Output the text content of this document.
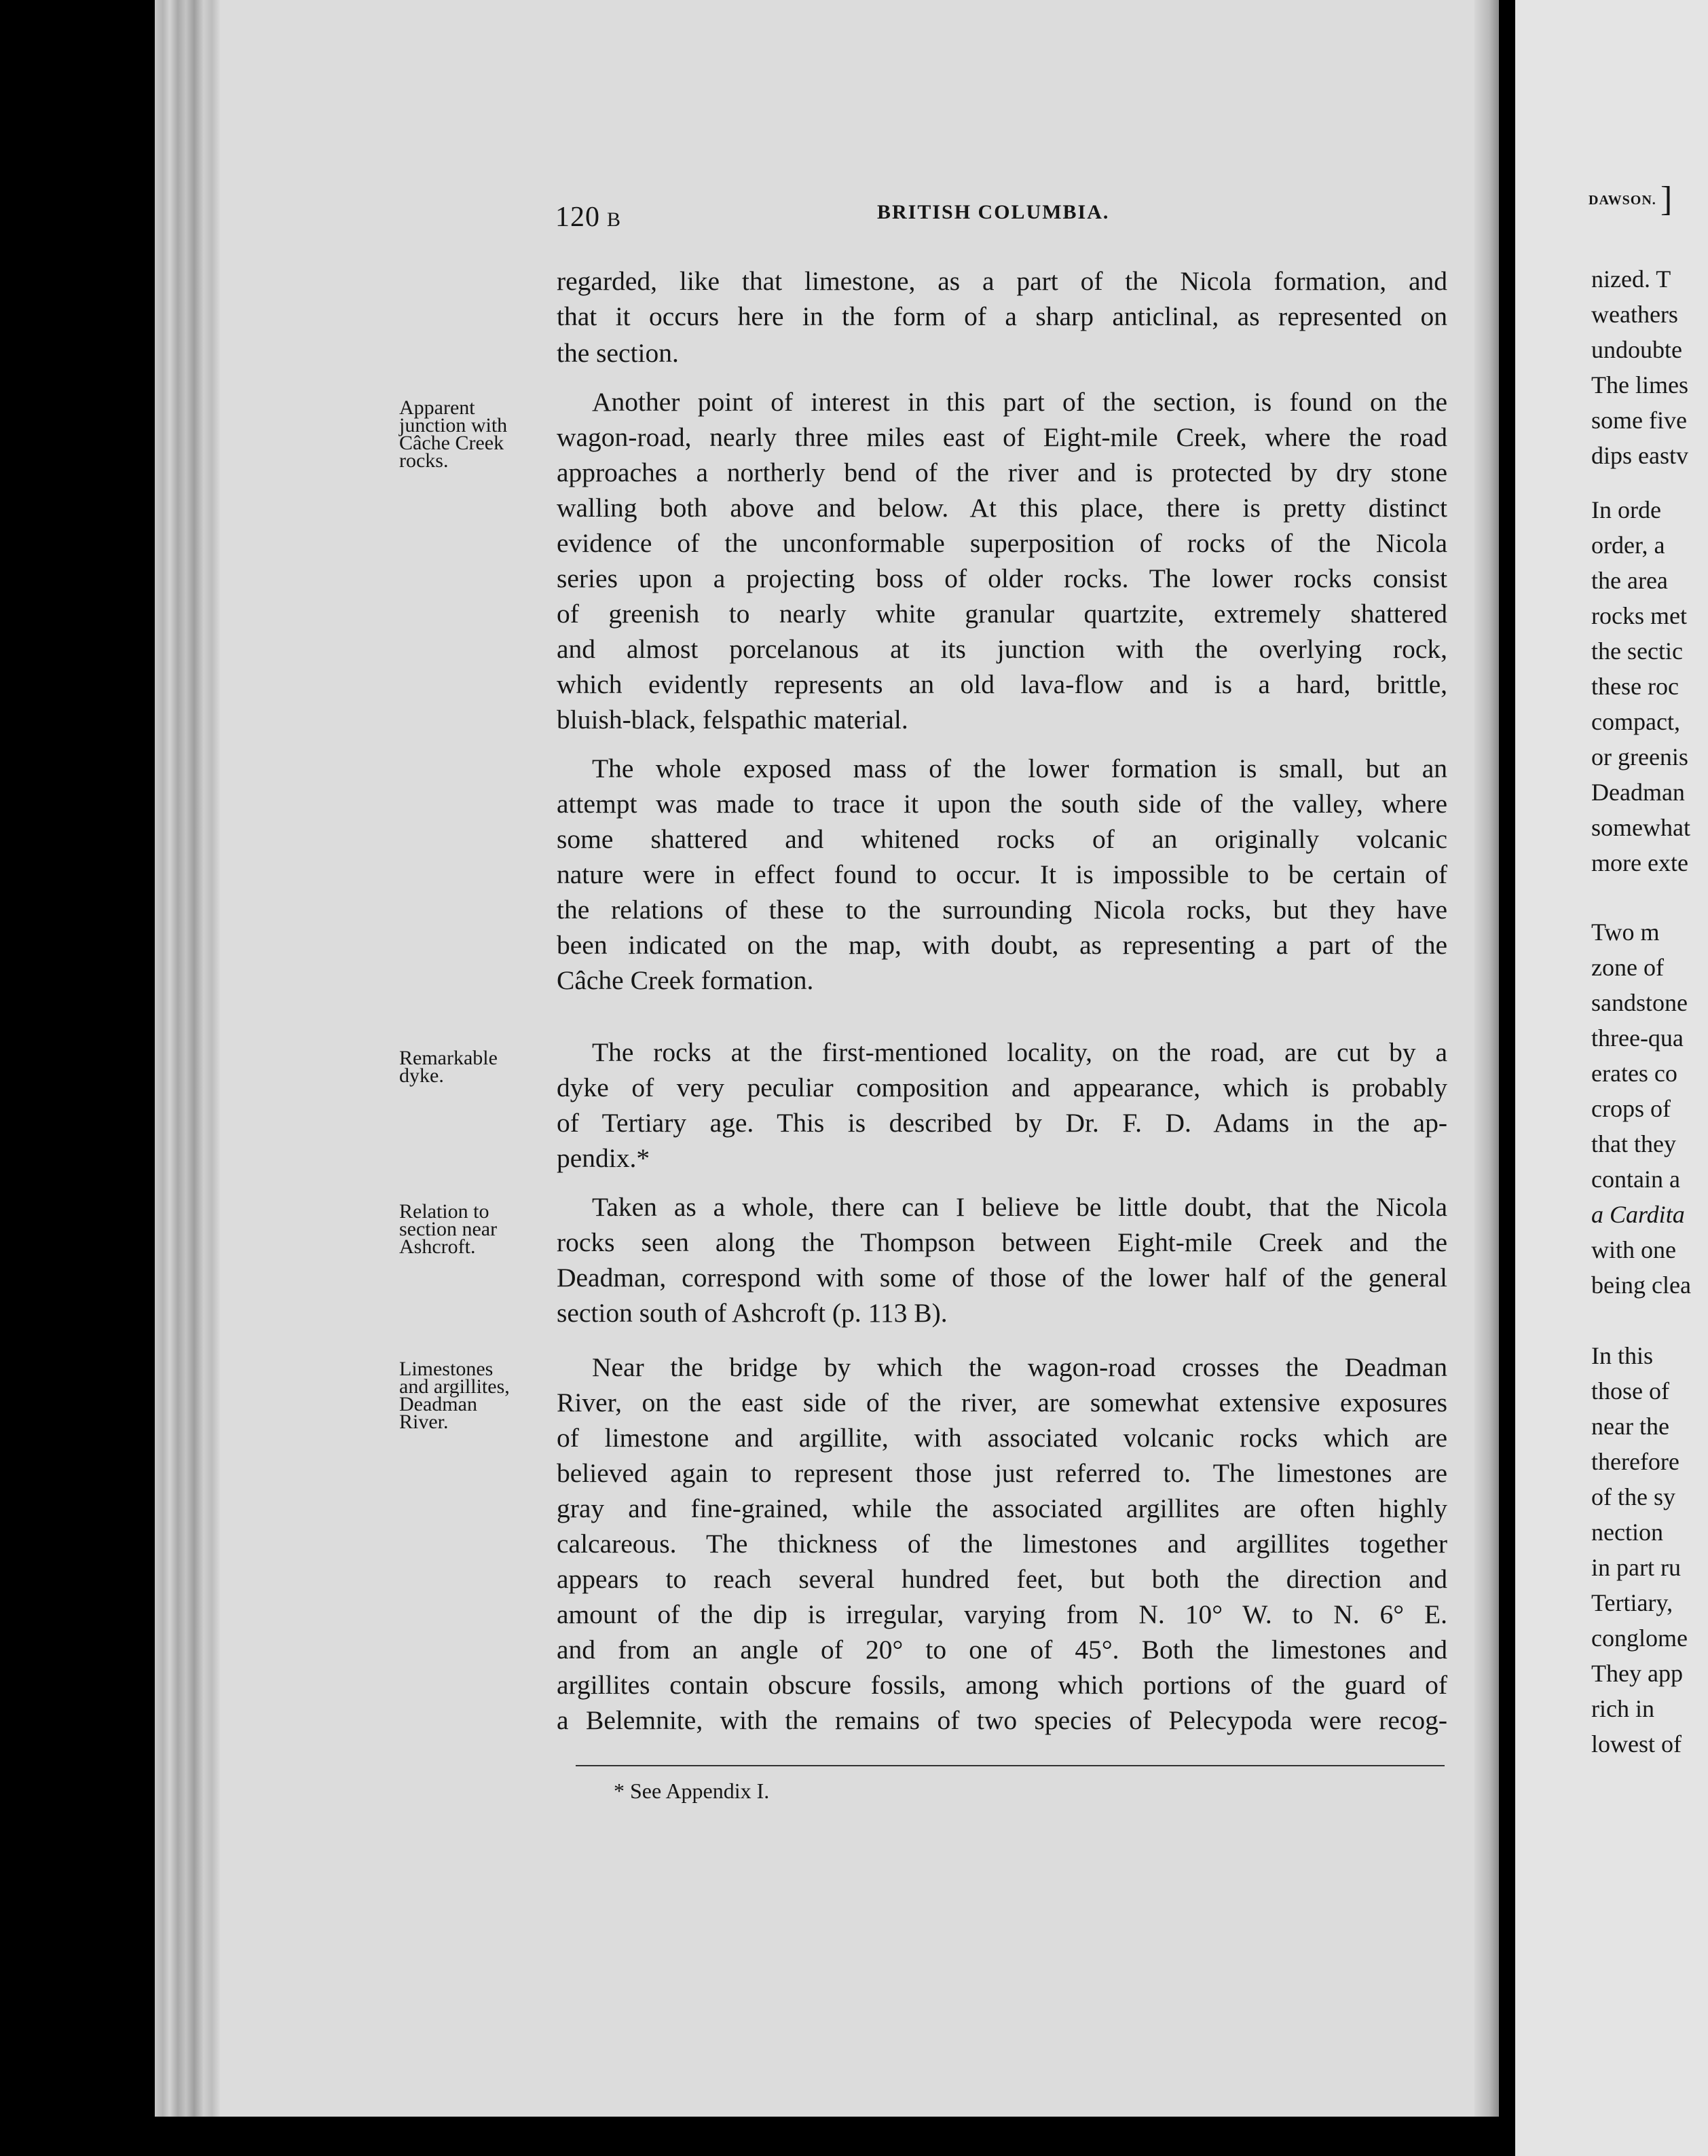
120 B	BRITISH COLUMBIA.
Apparent
junction with
Câche Creek
rocks.
Remarkable
dyke.
Relation to
section near
Ashcroft.
Limestones
and argillites,
Deadman
River.
regarded, like that limestone, as a part of the Nicola formation, and
that it occurs here in the form of a sharp anticlinal, as represented on
the section.
Another point of interest in this part of the section, is found on the
wagon-road, nearly three miles east of Eight-mile Creek, where the road
approaches a northerly bend of the river and is protected by dry stone
walling both above and below. At this place, there is pretty distinct
evidence of the unconformable superposition of rocks of the Nicola
series upon a projecting boss of older rocks. The lower rocks consist
of greenish to nearly white granular quartzite, extremely shattered
and almost porcelanous at its junction with the overlying rock,
which evidently represents an old lava-flow and is a hard, brittle,
bluish-black, felspathic material.
The whole exposed mass of the lower formation is small, but an
attempt was made to trace it upon the south side of the valley, where
some shattered and whitened rocks of an originally volcanic
nature were in effect found to occur. It is impossible to be certain of
the relations of these to the surrounding Nicola rocks, but they have
been indicated on the map, with doubt, as representing a part of the
Câche Creek formation.
The rocks at the first-mentioned locality, on the road, are cut by a
dyke of very peculiar composition and appearance, which is probably
of Tertiary age. This is described by Dr. F. D. Adams in the ap-
pendix.*
Taken as a whole, there can I believe be little doubt, that the Nicola
rocks seen along the Thompson between Eight-mile Creek and the
Deadman, correspond with some of those of the lower half of the general
section south of Ashcroft (p. 113 B).
Near the bridge by which the wagon-road crosses the Deadman
River, on the east side of the river, are somewhat extensive exposures
of limestone and argillite, with associated volcanic rocks which are
believed again to represent those just referred to. The limestones are
gray and fine-grained, while the associated argillites are often highly
calcareous. The thickness of the limestones and argillites together
appears to reach several hundred feet, but both the direction and
amount of the dip is irregular, varying from N. 10° W. to N. 6° E.
and from an angle of 20° to one of 45°. Both the limestones and
argillites contain obscure fossils, among which portions of the guard of
a Belemnite, with the remains of two species of Pelecypoda were recog-
* See Appendix I.
DAWSON. ]
nized. T
weathers
undoubte
The limes
some five
dips eastv
In orde
order, a
the area
rocks met
the sectic
these roc
compact,
or greenis
Deadman
somewhat
more exte
Two m
zone of
sandstone
three-qua
erates co
crops of
that they
contain a
a Cardita
with one
being clea
In this
those of
near the
therefore
of the sy
nection
in part ru
Tertiary,
conglome
They app
rich in
lowest of
